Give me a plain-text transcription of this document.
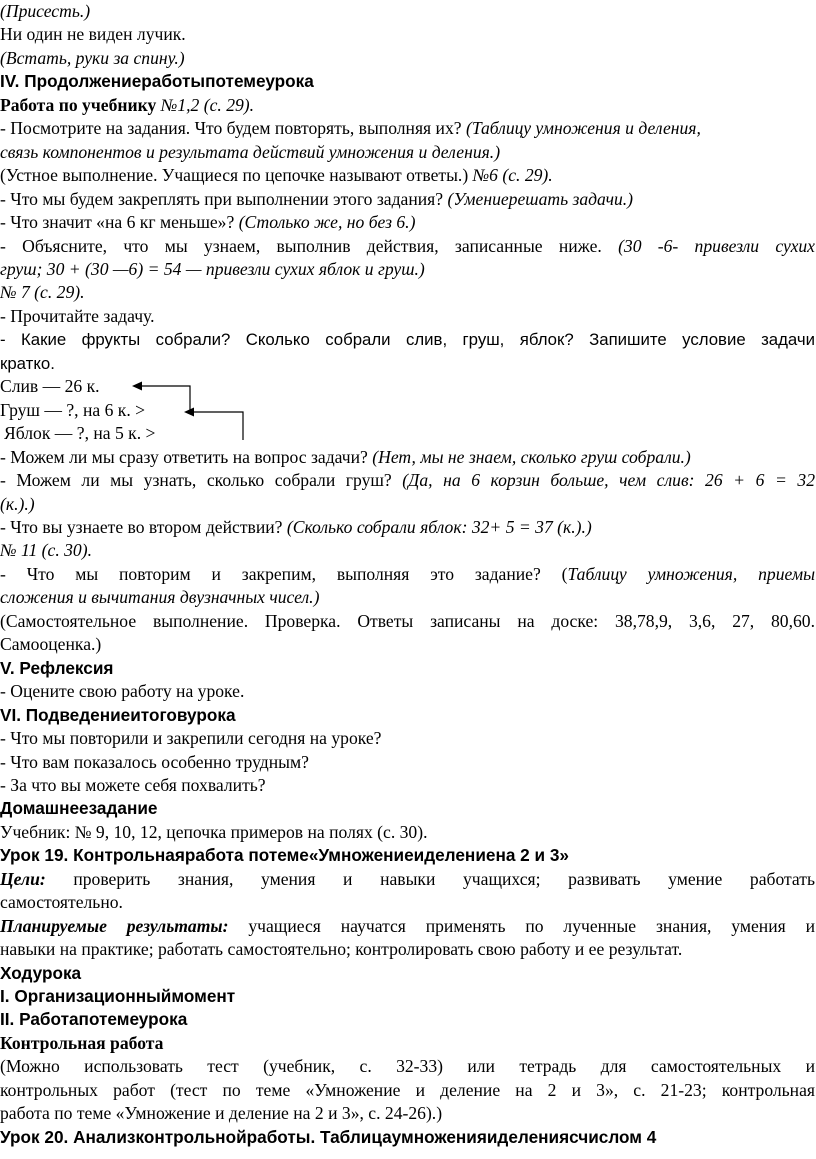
(Присесть.)
Ни один не виден лучик.
(Встать, руки за спину.)
IV. Продолжениеработыпотемеурока
Работа по учебнику №1,2 (с. 29).
- Посмотрите на задания. Что будем повторять, выполняя их? (Таблицу умножения и деления,
связь компонентов и результата действий умножения и деления.)
(Устное выполнение. Учащиеся по цепочке называют ответы.) №6 (с. 29).
- Что мы будем закреплять при выполнении этого задания? (Умениерешать задачи.)
- Что значит «на 6 кг меньше»? (Столько же, но без 6.)
- Объясните, что мы узнаем, выполнив действия, записанные ниже. (30 -6- привезли сухих
груш; 30 + (30 —6) = 54 — привезли сухих яблок и груш.)
№ 7 (с. 29).
- Прочитайте задачу.
- Какие фрукты собрали? Сколько собрали слив, груш, яблок? Запишите условие задачи
кратко.
Слив — 26 к.
Груш — ?, на 6 к. >
Яблок — ?, на 5 к. >
- Можем ли мы сразу ответить на вопрос задачи? (Нет, мы не знаем, сколько груш собрали.)
- Можем ли мы узнать, сколько собрали груш? (Да, на 6 корзин больше, чем слив: 26 + 6 = 32
(к.).)
- Что вы узнаете во втором действии? (Сколько собрали яблок: 32+ 5 = 37 (к.).)
№ 11 (с. 30).
- Что мы повторим и закрепим, выполняя это задание? (Таблицу умножения, приемы
сложения и вычитания двузначных чисел.)
(Самостоятельное выполнение. Проверка. Ответы записаны на доске: 38,78,9, 3,6, 27, 80,60.
Самооценка.)
V. Рефлексия
- Оцените свою работу на уроке.
VI. Подведениеитоговурока
- Что мы повторили и закрепили сегодня на уроке?
- Что вам показалось особенно трудным?
- За что вы можете себя похвалить?
Домашнеезадание
Учебник: № 9, 10, 12, цепочка примеров на полях (с. 30).
Урок 19. Контрольнаяработа потеме«Умножениеиделениена 2 и 3»
Цели: проверить знания, умения и навыки учащихся; развивать умение работать
самостоятельно.
Планируемые результаты: учащиеся научатся применять по лученные знания, умения и
навыки на практике; работать самостоятельно; контролировать свою работу и ее результат.
Ходурока
I. Организационныймомент
II. Работапотемеурока
Контрольная работа
(Можно использовать тест (учебник, с. 32-33) или тетрадь для самостоятельных и
контрольных работ (тест по теме «Умножение и деление на 2 и 3», с. 21-23; контрольная
работа по теме «Умножение и деление на 2 и 3», с. 24-26).)
Урок 20. Анализконтрольнойработы. Таблицаумноженияиделениясчислом 4
